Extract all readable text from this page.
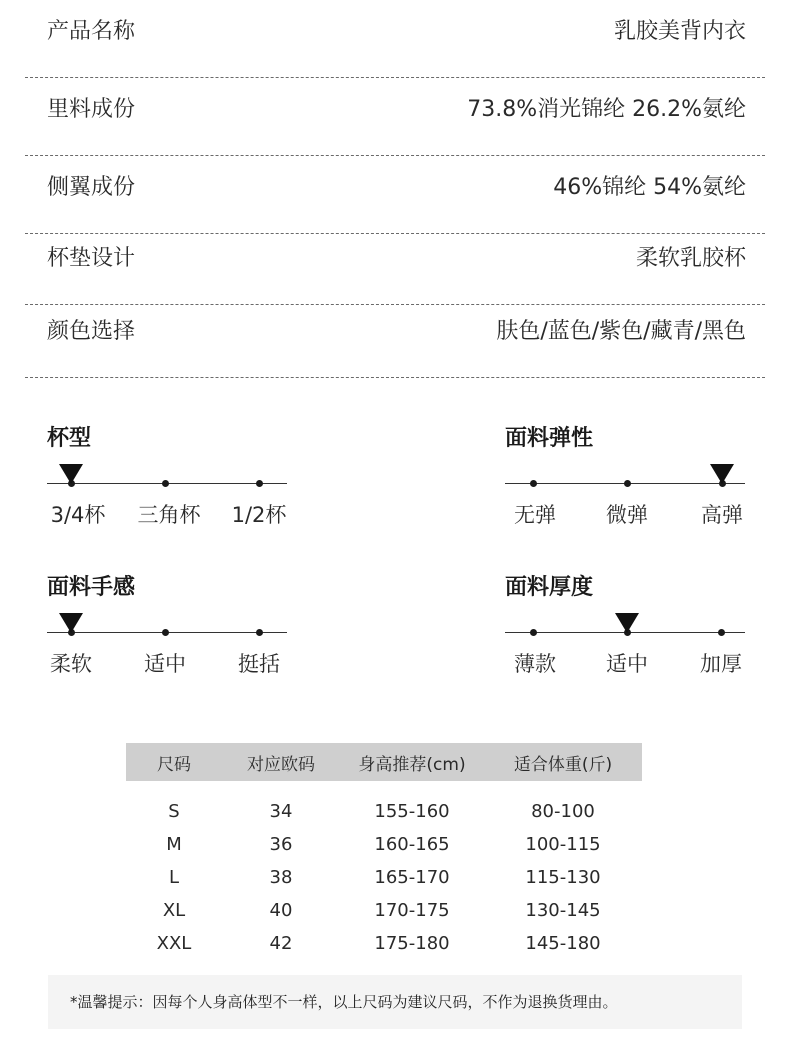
产品名称	乳胶美背内衣
里料成份	73.8%消光锦纶 26.2%氨纶
侧翼成份	46%锦纶 54%氨纶
杯垫设计	柔软乳胶杯
颜色选择	肤色/蓝色/紫色/藏青/黑色
杯型
3/4杯 三角杯 1/2杯
面料弹性
无弹 微弹	高弹
面料手感
柔软 适中 挺括
面料厚度
薄款 适中 加厚
尺码	对应欧码	身高推荐(cm)	适合体重(斤)
S	34	155-160	80-100
M	36	160-165	100-115
L	38	165-170	115-130
XL	40	170-175	130-145
XXL	42	175-180	145-180
*温馨提示：因每个人身高体型不一样，以上尺码为建议尺码，不作为退换货理由。
